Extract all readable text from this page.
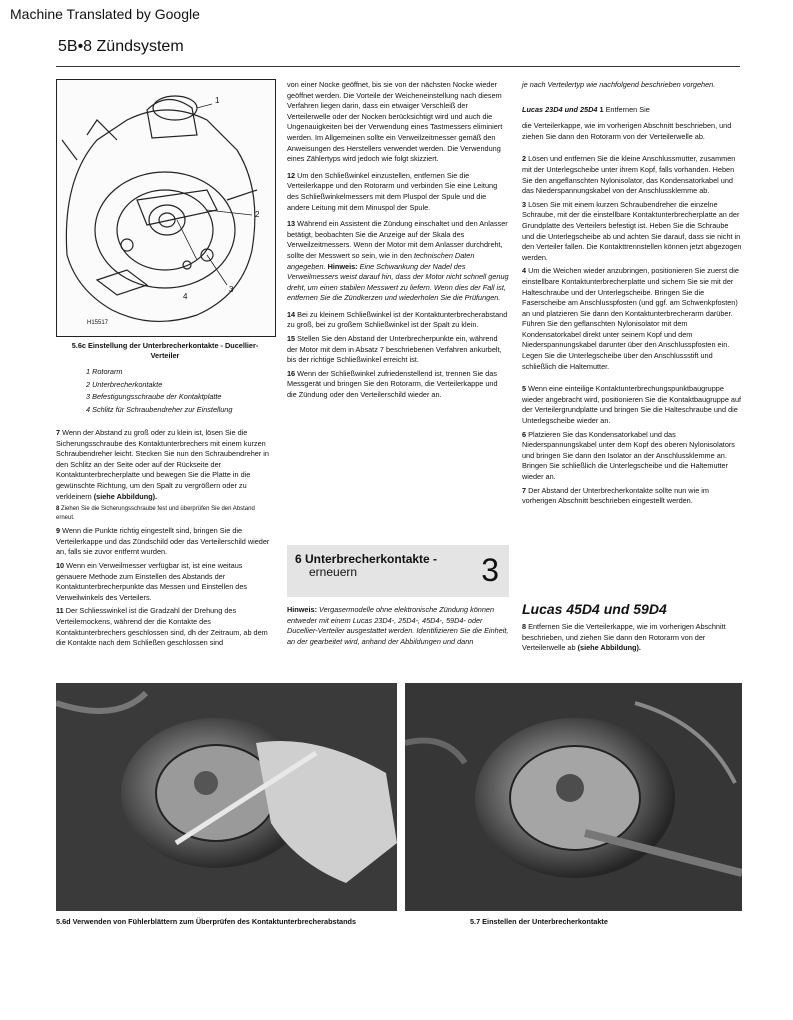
Machine Translated by Google
5B•8 Zündsystem
1
2
3
4
H15517
5.6c Einstellung der Unterbrecherkontakte - Ducellier-Verteiler
1 Rotorarm
2 Unterbrecherkontakte
3 Befestigungsschraube der Kontaktplatte
4 Schlitz für Schraubendreher zur Einstellung

7 Wenn der Abstand zu groß oder zu klein ist, lösen Sie die Sicherungsschraube des Kontaktunterbrechers mit einem kurzen Schraubendreher leicht. Stecken Sie nun den Schraubendreher in den Schlitz an der Seite oder auf der Rückseite der Kontaktunterbrecherplatte und bewegen Sie die Platte in die gewünschte Richtung, um den Spalt zu vergrößern oder zu verkleinern (siehe Abbildung).

8 Ziehen Sie die Sicherungsschraube fest und überprüfen Sie den Abstand erneut.

9 Wenn die Punkte richtig eingestellt sind, bringen Sie die Verteilerkappe und das Zündschild oder das Verteilerschild wieder an, falls sie zuvor entfernt wurden.

10 Wenn ein Verweilmesser verfügbar ist, ist eine weitaus genauere Methode zum Einstellen des Abstands der Kontaktunterbrecherpunkte das Messen und Einstellen des Verweilwinkels des Verteilers.

11 Der Schliesswinkel ist die Gradzahl der Drehung des Verteilernockens, während der die Kontakte des Kontaktunterbrechers geschlossen sind, dh der Zeitraum, ab dem die Kontakte nach dem Schließen geschlossen sind

von einer Nocke geöffnet, bis sie von der nächsten Nocke wieder geöffnet werden. Die Vorteile der Weicheneinstellung nach diesem Verfahren liegen darin, dass ein etwaiger Verschleiß der Verteilerwelle oder der Nocken berücksichtigt wird und auch die Ungenauigkeiten bei der Verwendung eines Tastmessers eliminiert werden. Im Allgemeinen sollte ein Verweilzeitmesser gemäß den Anweisungen des Herstellers verwendet werden. Die Verwendung eines Zählertyps wird jedoch wie folgt skizziert.

12 Um den Schließwinkel einzustellen, entfernen Sie die Verteilerkappe und den Rotorarm und verbinden Sie eine Leitung des Schließwinkelmessers mit dem Pluspol der Spule und die andere Leitung mit dem Minuspol der Spule.

13 Während ein Assistent die Zündung einschaltet und den Anlasser betätigt, beobachten Sie die Anzeige auf der Skala des Verweilzeitmessers. Wenn der Motor mit dem Anlasser durchdreht, sollte der Messwert so sein, wie in den technischen Daten angegeben. Hinweis: Eine Schwankung der Nadel des Verweilmessers weist darauf hin, dass der Motor nicht schnell genug dreht, um einen stabilen Messwert zu liefern. Wenn dies der Fall ist, entfernen Sie die Zündkerzen und wiederholen Sie die Prüfungen.

14 Bei zu kleinem Schließwinkel ist der Kontaktunterbrecherabstand zu groß, bei zu großem Schließwinkel ist der Spalt zu klein.

15 Stellen Sie den Abstand der Unterbrecherpunkte ein, während der Motor mit dem in Absatz 7 beschriebenen Verfahren ankurbelt, bis der richtige Schließwinkel erreicht ist.

16 Wenn der Schließwinkel zufriedenstellend ist, trennen Sie das Messgerät und bringen Sie den Rotorarm, die Verteilerkappe und die Zündung oder den Verteilerschild wieder an.

6 Unterbrecherkontakte -
erneuern	3

Hinweis: Vergasermodelle ohne elektronische Zündung können entweder mit einem Lucas 23D4-, 25D4-, 45D4-, 59D4- oder Ducellier-Verteiler ausgestattet werden. Identifizieren Sie die Einheit, an der gearbeitet wird, anhand der Abbildungen und dann

je nach Verteilertyp wie nachfolgend beschrieben vorgehen.

Lucas 23D4 und 25D4 1 Entfernen Sie

die Verteilerkappe, wie im vorherigen Abschnitt beschrieben, und ziehen Sie dann den Rotorarm von der Verteilerwelle ab.

2 Lösen und entfernen Sie die kleine Anschlussmutter, zusammen mit der Unterlegscheibe unter ihrem Kopf, falls vorhanden. Heben Sie den angeflanschten Nylonisolator, das Kondensatorkabel und das Niederspannungskabel von der Anschlussklemme ab.

3 Lösen Sie mit einem kurzen Schraubendreher die einzelne Schraube, mit der die einstellbare Kontaktunterbrecherplatte an der Grundplatte des Verteilers befestigt ist. Heben Sie die Schraube und die Unterlegscheibe ab und achten Sie darauf, dass sie nicht in den Verteiler fallen. Die Kontakttrennstellen können jetzt abgezogen werden.

4 Um die Weichen wieder anzubringen, positionieren Sie zuerst die einstellbare Kontaktunterbrecherplatte und sichern Sie sie mit der Halteschraube und der Unterlegscheibe. Bringen Sie die Faserscheibe am Anschlusspfosten (und ggf. am Schwenkpfosten) an und platzieren Sie dann den Kontaktunterbrecherarm darüber. Führen Sie den geflanschten Nylonisolator mit dem Kondensatorkabel direkt unter seinem Kopf und dem Niederspannungskabel darunter über den Anschlusspfosten ein. Legen Sie die Unterlegscheibe über den Anschlussstift und schließlich die Haltemutter.

5 Wenn eine einteilige Kontaktunterbrechungspunktbaugruppe wieder angebracht wird, positionieren Sie die Kontaktbaugruppe auf der Verteilergrundplatte und bringen Sie die Halteschraube und die Unterlegscheibe wieder an.

6 Platzieren Sie das Kondensatorkabel und das Niederspannungskabel unter dem Kopf des oberen Nylonisolators und bringen Sie dann den Isolator an der Anschlussklemme an. Bringen Sie schließlich die Unterlegscheibe und die Haltemutter wieder an.

7 Der Abstand der Unterbrecherkontakte sollte nun wie im vorherigen Abschnitt beschrieben eingestellt werden.

Lucas 45D4 und 59D4

8 Entfernen Sie die Verteilerkappe, wie im vorherigen Abschnitt beschrieben, und ziehen Sie dann den Rotorarm von der Verteilerwelle ab (siehe Abbildung).

5.6d Verwenden von Fühlerblättern zum Überprüfen des Kontaktunterbrecherabstands	5.7 Einstellen der Unterbrecherkontakte
